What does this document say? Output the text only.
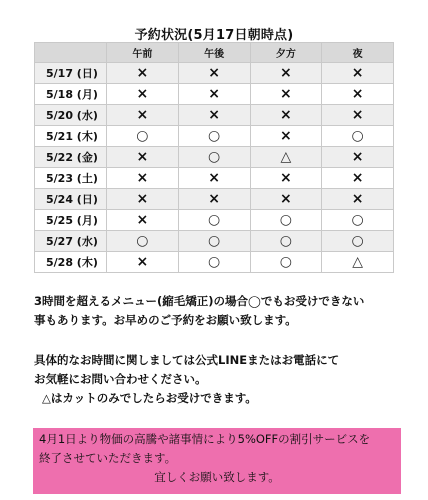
予約状況(5月17日朝時点)
	午前	午後	夕方	夜
5/17 (日)	×	×	×	×
5/18 (月)	×	×	×	×
5/20 (水)	×	×	×	×
5/21 (木)	○	○	×	○
5/22 (金)	×	○	△	×
5/23 (土)	×	×	×	×
5/24 (日)	×	×	×	×
5/25 (月)	×	○	○	○
5/27 (水)	○	○	○	○
5/28 (木)	×	○	○	△
3時間を超えるメニュー(縮毛矯正)の場合◯でもお受けできない
事もあります。お早めのご予約をお願い致します。
具体的なお時間に関しましては公式LINEまたはお電話にて
お気軽にお問い合わせください。
△はカットのみでしたらお受けできます。
4月1日より物価の高騰や諸事情により5%OFFの割引サービスを
終了させていただきます。
宜しくお願い致します。
